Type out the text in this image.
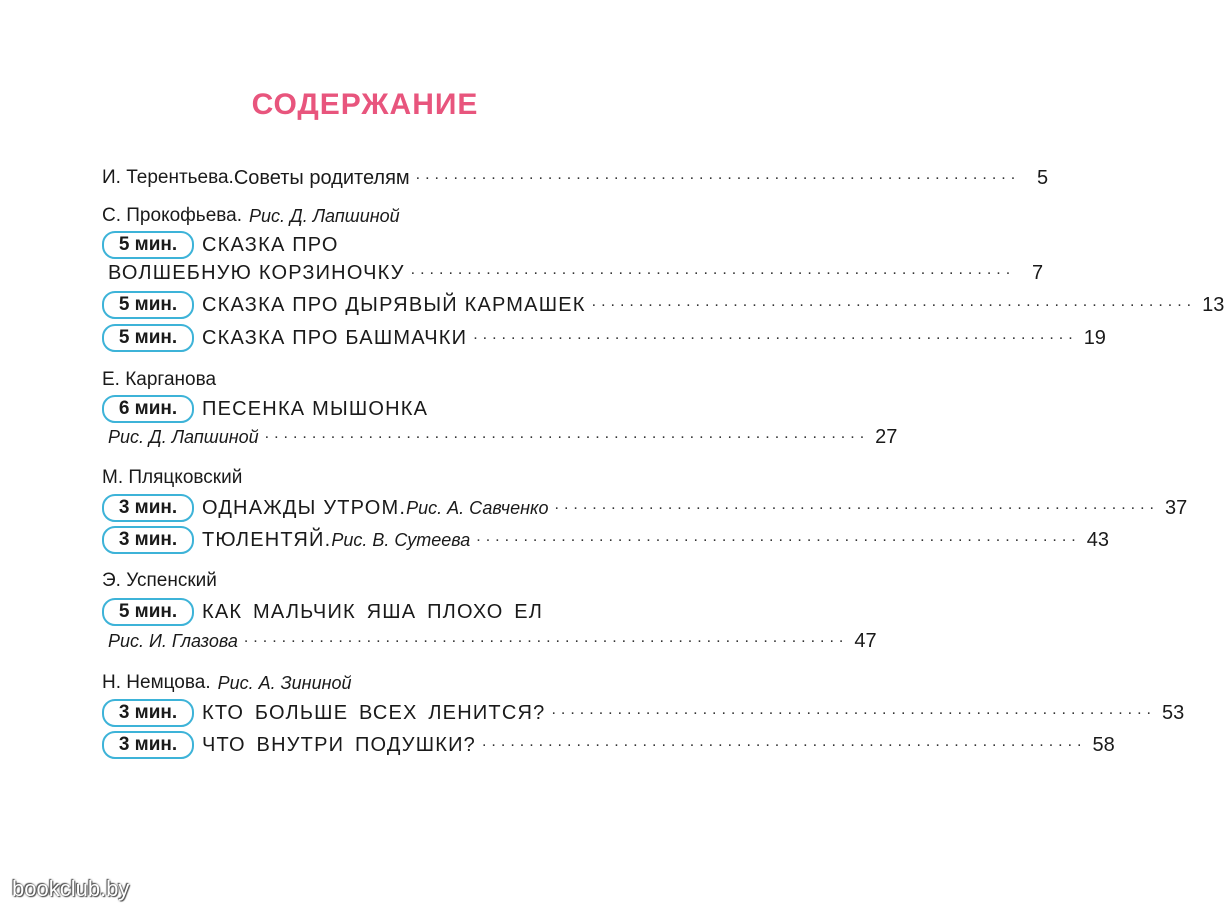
СОДЕРЖАНИЕ
И. Терентьева. Советы родителям ................................................................ 5
С. Прокофьева. Рис. Д. Лапшиной
5 мин.	СКАЗКА ПРО
ВОЛШЕБНУЮ КОРЗИНОЧКУ ................................................................ 7
5 мин.	СКАЗКА ПРО ДЫРЯВЫЙ КАРМАШЕК ................................................................ 13
5 мин.	СКАЗКА ПРО БАШМАЧКИ ................................................................ 19
Е. Карганова
6 мин.	ПЕСЕНКА МЫШОНКА
Рис. Д. Лапшиной ................................................................ 27
М. Пляцковский
3 мин.	ОДНАЖДЫ УТРОМ. Рис. А. Савченко ................................................................ 37
3 мин.	ТЮЛЕНТЯЙ. Рис. В. Сутеева ................................................................ 43
Э. Успенский
5 мин.	КАК МАЛЬЧИК ЯША ПЛОХО ЕЛ
Рис. И. Глазова ................................................................ 47
Н. Немцова. Рис. А. Зининой
3 мин.	КТО БОЛЬШЕ ВСЕХ ЛЕНИТСЯ? ................................................................ 53
3 мин.	ЧТО ВНУТРИ ПОДУШКИ? ................................................................ 58
bookclub.by
